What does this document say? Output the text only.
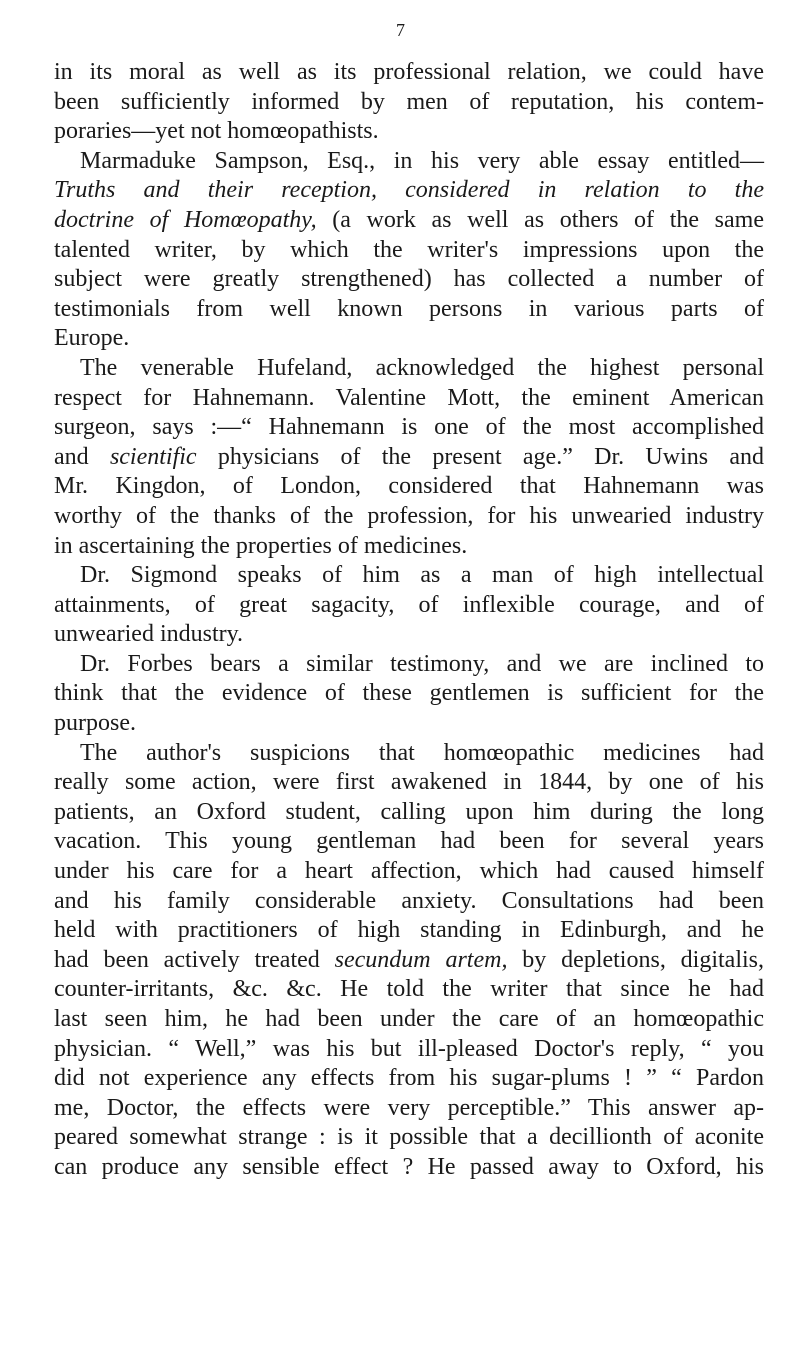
7
in its moral as well as its professional relation, we could have
been sufficiently informed by men of reputation, his contem-
poraries—yet not homœopathists.
Marmaduke Sampson, Esq., in his very able essay entitled—
Truths and their reception, considered in relation to the
doctrine of Homœopathy, (a work as well as others of the same
talented writer, by which the writer's impressions upon the
subject were greatly strengthened) has collected a number of
testimonials from well known persons in various parts of
Europe.
The venerable Hufeland, acknowledged the highest personal
respect for Hahnemann. Valentine Mott, the eminent American
surgeon, says :—“ Hahnemann is one of the most accomplished
and scientific physicians of the present age.” Dr. Uwins and
Mr. Kingdon, of London, considered that Hahnemann was
worthy of the thanks of the profession, for his unwearied industry
in ascertaining the properties of medicines.
Dr. Sigmond speaks of him as a man of high intellectual
attainments, of great sagacity, of inflexible courage, and of
unwearied industry.
Dr. Forbes bears a similar testimony, and we are inclined to
think that the evidence of these gentlemen is sufficient for the
purpose.
The author's suspicions that homœopathic medicines had
really some action, were first awakened in 1844, by one of his
patients, an Oxford student, calling upon him during the long
vacation. This young gentleman had been for several years
under his care for a heart affection, which had caused himself
and his family considerable anxiety. Consultations had been
held with practitioners of high standing in Edinburgh, and he
had been actively treated secundum artem, by depletions, digitalis,
counter-irritants, &c. &c. He told the writer that since he had
last seen him, he had been under the care of an homœopathic
physician. “ Well,” was his but ill-pleased Doctor's reply, “ you
did not experience any effects from his sugar-plums ! ” “ Pardon
me, Doctor, the effects were very perceptible.” This answer ap-
peared somewhat strange : is it possible that a decillionth of aconite
can produce any sensible effect ? He passed away to Oxford, his
